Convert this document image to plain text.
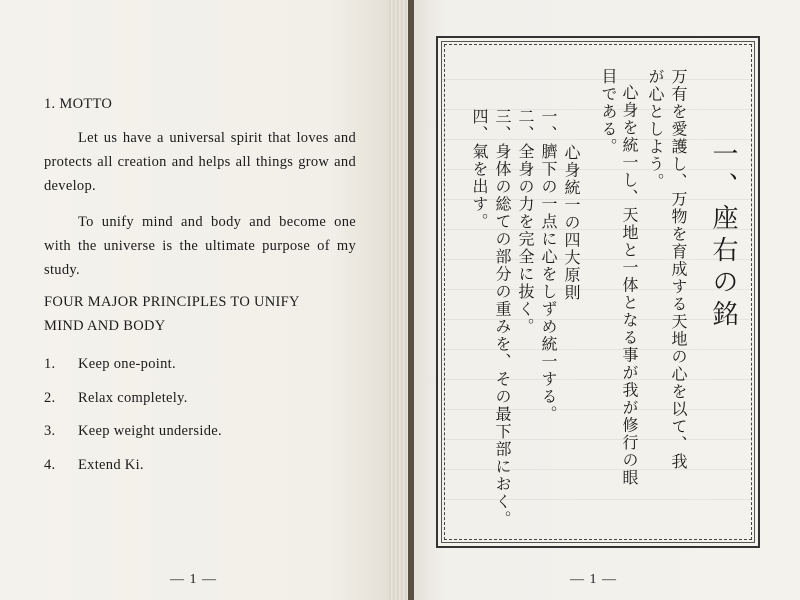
1. MOTTO
Let us have a universal spirit that loves and protects all creation and helps all things grow and develop.
To unify mind and body and become one with the universe is the ultimate purpose of my study.
FOUR MAJOR PRINCIPLES TO UNIFY
MIND AND BODY
1.	Keep one-point.
2.	Relax completely.
3.	Keep weight underside.
4.	Extend Ki.
— 1 —
一、座右の銘
万有を愛護し、万物を育成する天地の心を以て、我
が心としよう。
心身を統一し、天地と一体となる事が我が修行の眼
目である。
心身統一の四大原則
一、臍下の一点に心をしずめ統一する。
二、全身の力を完全に抜く。
三、身体の総ての部分の重みを、その最下部におく。
四、氣を出す。
— 1 —
